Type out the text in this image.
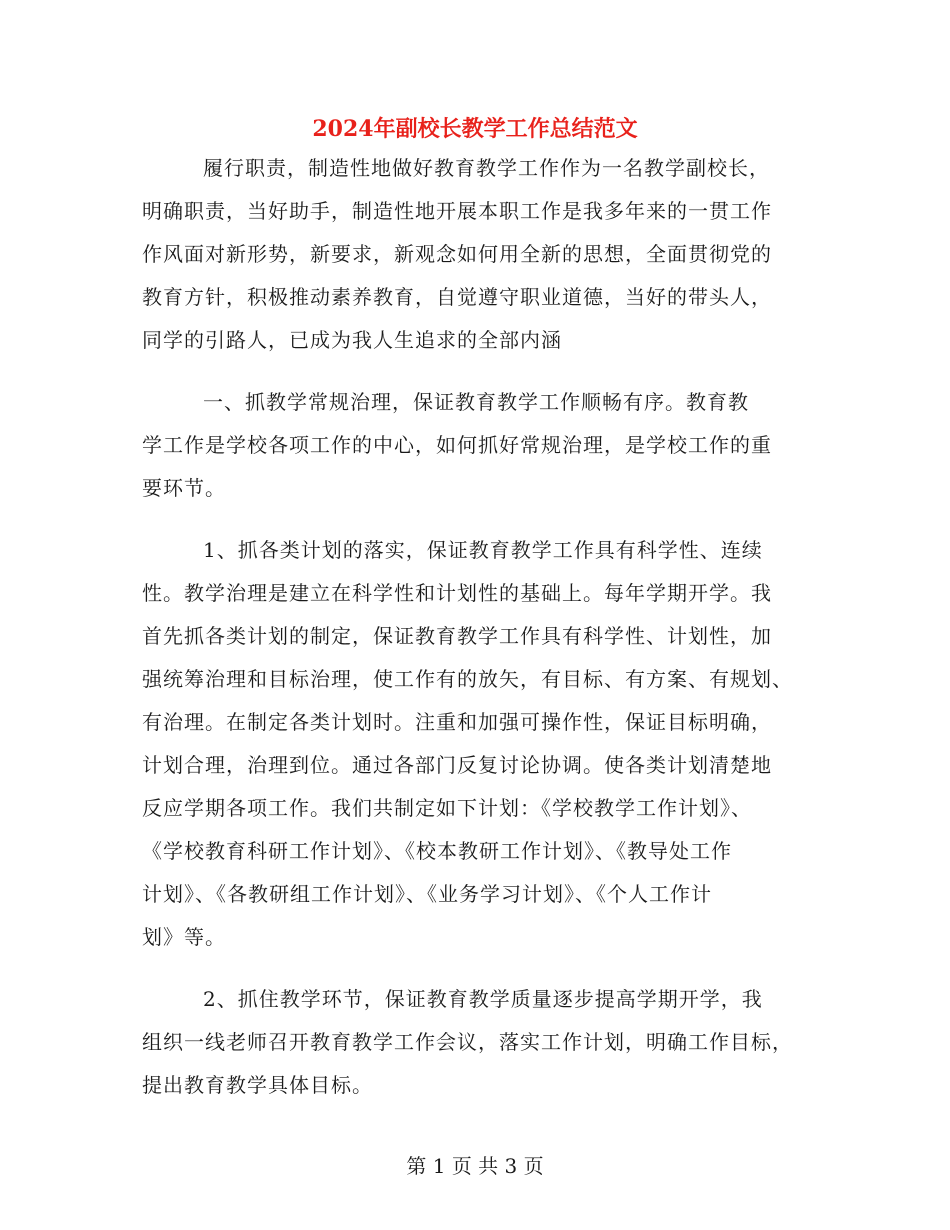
2024年副校长教学工作总结范文
履行职责，制造性地做好教育教学工作作为一名教学副校长，
明确职责，当好助手，制造性地开展本职工作是我多年来的一贯工作
作风面对新形势，新要求，新观念如何用全新的思想，全面贯彻党的
教育方针，积极推动素养教育，自觉遵守职业道德，当好的带头人，
同学的引路人，已成为我人生追求的全部内涵
一、抓教学常规治理，保证教育教学工作顺畅有序。教育教
学工作是学校各项工作的中心，如何抓好常规治理，是学校工作的重
要环节。
1、抓各类计划的落实，保证教育教学工作具有科学性、连续
性。教学治理是建立在科学性和计划性的基础上。每年学期开学。我
首先抓各类计划的制定，保证教育教学工作具有科学性、计划性，加
强统筹治理和目标治理，使工作有的放矢，有目标、有方案、有规划、
有治理。在制定各类计划时。注重和加强可操作性，保证目标明确，
计划合理，治理到位。通过各部门反复讨论协调。使各类计划清楚地
反应学期各项工作。我们共制定如下计划：《学校教学工作计划》、
《学校教育科研工作计划》、《校本教研工作计划》、《教导处工作
计划》、《各教研组工作计划》、《业务学习计划》、《个人工作计
划》等。
2、抓住教学环节，保证教育教学质量逐步提高学期开学，我
组织一线老师召开教育教学工作会议，落实工作计划，明确工作目标，
提出教育教学具体目标。
第 1 页 共 3 页
